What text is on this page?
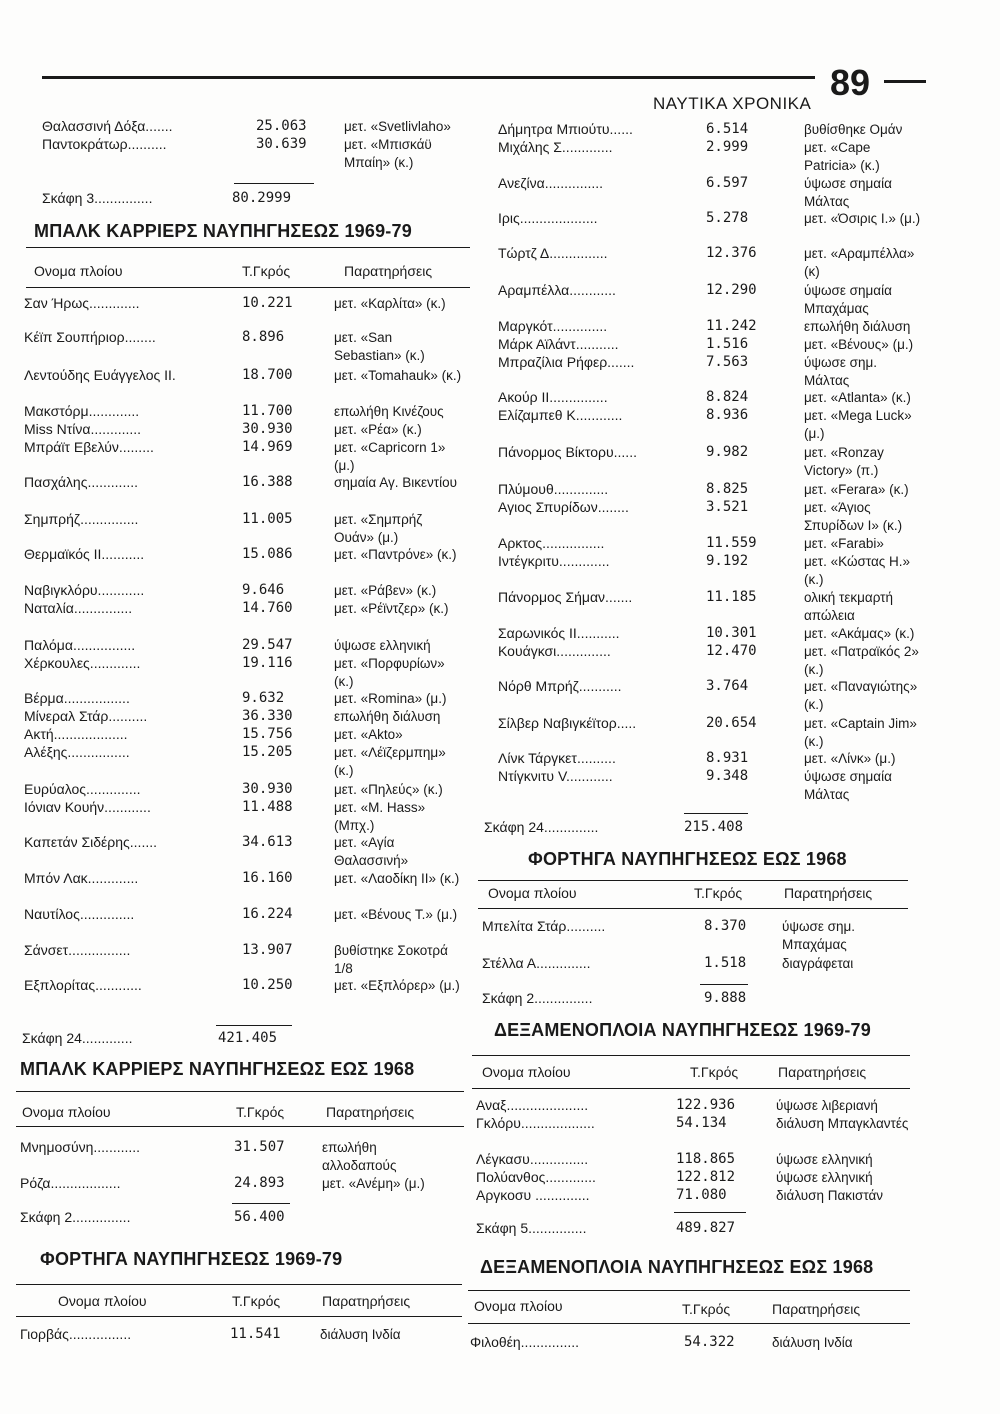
ΝΑΥΤΙΚΑ ΧΡΟΝΙΚΑ
89
Θαλασσινή Δόξα.......	25.063	μετ. «Svetlivlaho»
Παντοκράτωρ..........	30.639	μετ. «Μπισκάϋ Μπαίη» (κ.)
Σκάφη 3...............	80.2999
ΜΠΑΛΚ ΚΑΡΡΙΕΡΣ ΝΑΥΠΗΓΗΣΕΩΣ 1969-79
Ονομα πλοίου	Τ.Γκρός	Παρατηρήσεις
Σαν Ήρως.............	10.221	μετ. «Καρλίτα» (κ.)
Κέϊπ Σουπήριορ........	8.896	μετ. «San Sebastian» (κ.)
Λεντούδης Ευάγγελος ΙΙ.	18.700	μετ. «Tomahauk» (κ.)
Μακστόρμ.............	11.700	επωλήθη Κινέζους
Miss Ντίνα.............	30.930	μετ. «Ρέα» (κ.)
Μπράϊτ Εβελύν.........	14.969	μετ. «Capricorn 1» (μ.)
Πασχάλης.............	16.388	σημαία Αγ. Βικεντίου
Σημπρήζ...............	11.005	μετ. «Σημπρήζ Ουάν» (μ.)
Θερμαϊκός ΙΙ...........	15.086	μετ. «Παντρόνε» (κ.)
Ναβιγκλόρυ............	9.646	μετ. «Ράβεν» (κ.)
Ναταλία...............	14.760	μετ. «Ρέϊντζερ» (κ.)
Παλόμα................	29.547	ύψωσε ελληνική
Χέρκουλες.............	19.116	μετ. «Πορφυρίων» (κ.)
Βέρμα.................	9.632	μετ. «Romina» (μ.)
Μίνεραλ Στάρ..........	36.330	επωλήθη διάλυση
Ακτή...................	15.756	μετ. «Akto»
Αλέξης................	15.205	μετ. «Λέϊζερμπημ» (κ.)
Ευρύαλος..............	30.930	μετ. «Πηλεύς» (κ.)
Ιόνιαν Κουήν............	11.488	μετ. «Μ. Hass» (Μπχ.)
Καπετάν Σιδέρης.......	34.613	μετ. «Αγία Θαλασσινή»
Μπόν Λακ.............	16.160	μετ. «Λαοδίκη ΙΙ» (κ.)
Ναυτίλος..............	16.224	μετ. «Βένους Τ.» (μ.)
Σάνσετ................	13.907	βυθίστηκε Σοκοτρά 1/8
Εξπλορίτας............	10.250	μετ. «Εξπλόρερ» (μ.)
Σκάφη 24.............	421.405
ΜΠΑΛΚ ΚΑΡΡΙΕΡΣ ΝΑΥΠΗΓΗΣΕΩΣ ΕΩΣ 1968
Ονομα πλοίου	Τ.Γκρός	Παρατηρήσεις
Μνημοσύνη............	31.507	επωλήθη αλλοδαπούς
Ρόζα..................	24.893	μετ. «Ανέμη» (μ.)
Σκάφη 2...............	56.400
ΦΟΡΤΗΓΑ ΝΑΥΠΗΓΗΣΕΩΣ 1969-79
Ονομα πλοίου	Τ.Γκρός	Παρατηρήσεις
Γιορβάς................	11.541	διάλυση Ινδία
Δήμητρα Μπιούτυ......	6.514	βυθίσθηκε Ομάν
Μιχάλης Σ.............	2.999	μετ. «Cape Patricia» (κ.)
Ανεζίνα...............	6.597	ύψωσε σημαία Μάλτας
Ιρις....................	5.278	μετ. «Όσιρις Ι.» (μ.)
Τώρτζ Δ...............	12.376	μετ. «Αραμπέλλα» (κ)
Αραμπέλλα............	12.290	ύψωσε σημαία Μπαχάμας
Μαργκότ..............	11.242	επωλήθη διάλυση
Μάρκ Αϊλάντ...........	1.516	μετ. «Βένους» (μ.)
Μπραζίλια Ρήφερ.......	7.563	ύψωσε σημ. Μάλτας
Ακούρ ΙΙ...............	8.824	μετ. «Atlanta» (κ.)
Ελίζαμπεθ Κ............	8.936	μετ. «Mega Luck» (μ.)
Πάνορμος Βίκτορυ......	9.982	μετ. «Ronzay Victory» (π.)
Πλύμουθ..............	8.825	μετ. «Ferara» (κ.)
Αγιος Σπυρίδων........	3.521	μετ. «Άγιος Σπυρίδων Ι» (κ.)
Αρκτος................	11.559	μετ. «Farabi»
Ιντέγκριτυ.............	9.192	μετ. «Κώστας Η.» (κ.)
Πάνορμος Σήμαν.......	11.185	ολική τεκμαρτή απώλεια
Σαρωνικός ΙΙ...........	10.301	μετ. «Ακάμας» (κ.)
Κουάγκσι..............	12.470	μετ. «Πατραϊκός 2» (κ.)
Νόρθ Μπρήζ...........	3.764	μετ. «Παναγιώτης» (κ.)
Σίλβερ Ναβιγκέϊτορ.....	20.654	μετ. «Captain Jim» (κ.)
Λίνκ Τάργκετ..........	8.931	μετ. «Λίνκ» (μ.)
Ντίγκνιτυ V............	9.348	ύψωσε σημαία Μάλτας
Σκάφη 24..............	215.408
ΦΟΡΤΗΓΑ ΝΑΥΠΗΓΗΣΕΩΣ ΕΩΣ 1968
Ονομα πλοίου	Τ.Γκρός	Παρατηρήσεις
Μπελίτα Στάρ..........	8.370	ύψωσε σημ. Μπαχάμας
Στέλλα Α..............	1.518	διαγράφεται
Σκάφη 2...............	9.888
ΔΕΞΑΜΕΝΟΠΛΟΙΑ ΝΑΥΠΗΓΗΣΕΩΣ 1969-79
Ονομα πλοίου	Τ.Γκρός	Παρατηρήσεις
Αναξ.....................	122.936	ύψωσε λιβεριανή
Γκλόρυ...................	54.134	διάλυση Μπαγκλαντές
Λέγκασυ...............	118.865	ύψωσε ελληνική
Πολύανθος.............	122.812	ύψωσε ελληνική
Αργκοσυ ..............	71.080	διάλυση Πακιστάν
Σκάφη 5...............	489.827
ΔΕΞΑΜΕΝΟΠΛΟΙΑ ΝΑΥΠΗΓΗΣΕΩΣ ΕΩΣ 1968
Ονομα πλοίου	Τ.Γκρός	Παρατηρήσεις
Φιλοθέη...............	54.322	διάλυση Ινδία
